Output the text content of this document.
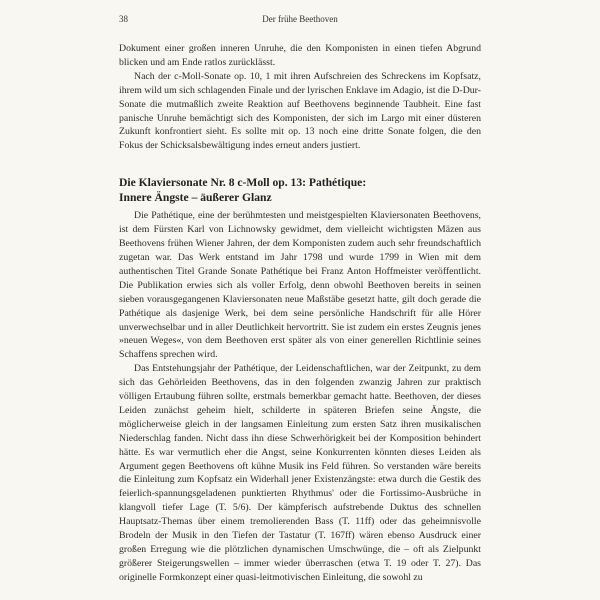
38	Der frühe Beethoven

Dokument einer großen inneren Unruhe, die den Komponisten in einen tiefen Abgrund blicken und am Ende ratlos zurücklässt.

Nach der c-Moll-Sonate op. 10, 1 mit ihren Aufschreien des Schreckens im Kopfsatz, ihrem wild um sich schlagenden Finale und der lyrischen Enklave im Adagio, ist die D-Dur-Sonate die mutmaßlich zweite Reaktion auf Beethovens beginnende Taubheit. Eine fast panische Unruhe bemächtigt sich des Komponisten, der sich im Largo mit einer düsteren Zukunft konfrontiert sieht. Es sollte mit op. 13 noch eine dritte Sonate folgen, die den Fokus der Schicksalsbewältigung indes erneut anders justiert.

Die Klaviersonate Nr. 8 c-Moll op. 13: Pathétique:
Innere Ängste – äußerer Glanz

Die Pathétique, eine der berühmtesten und meistgespielten Klaviersonaten Beethovens, ist dem Fürsten Karl von Lichnowsky gewidmet, dem vielleicht wichtigsten Mäzen aus Beethovens frühen Wiener Jahren, der dem Komponisten zudem auch sehr freundschaftlich zugetan war. Das Werk entstand im Jahr 1798 und wurde 1799 in Wien mit dem authentischen Titel Grande Sonate Pathétique bei Franz Anton Hoffmeister veröffentlicht. Die Publikation erwies sich als voller Erfolg, denn obwohl Beethoven bereits in seinen sieben vorausgegangenen Klaviersonaten neue Maßstäbe gesetzt hatte, gilt doch gerade die Pathétique als dasjenige Werk, bei dem seine persönliche Handschrift für alle Hörer unverwechselbar und in aller Deutlichkeit hervortritt. Sie ist zudem ein erstes Zeugnis jenes »neuen Weges«, von dem Beethoven erst später als von einer generellen Richtlinie seines Schaffens sprechen wird.

Das Entstehungsjahr der Pathétique, der Leidenschaftlichen, war der Zeitpunkt, zu dem sich das Gehörleiden Beethovens, das in den folgenden zwanzig Jahren zur praktisch völligen Ertaubung führen sollte, erstmals bemerkbar gemacht hatte. Beethoven, der dieses Leiden zunächst geheim hielt, schilderte in späteren Briefen seine Ängste, die möglicherweise gleich in der langsamen Einleitung zum ersten Satz ihren musikalischen Niederschlag fanden. Nicht dass ihn diese Schwerhörigkeit bei der Komposition behindert hätte. Es war vermutlich eher die Angst, seine Konkurrenten könnten dieses Leiden als Argument gegen Beethovens oft kühne Musik ins Feld führen. So verstanden wäre bereits die Einleitung zum Kopfsatz ein Widerhall jener Existenzängste: etwa durch die Gestik des feierlich-spannungsgeladenen punktierten Rhythmus' oder die Fortissimo-Ausbrüche in klangvoll tiefer Lage (T. 5/6). Der kämpferisch aufstrebende Duktus des schnellen Hauptsatz-Themas über einem tremolierenden Bass (T. 11ff) oder das geheimnisvolle Brodeln der Musik in den Tiefen der Tastatur (T. 167ff) wären ebenso Ausdruck einer großen Erregung wie die plötzlichen dynamischen Umschwünge, die – oft als Zielpunkt größerer Steigerungswellen – immer wieder überraschen (etwa T. 19 oder T. 27). Das originelle Formkonzept einer quasi-leitmotivischen Einleitung, die sowohl zu
